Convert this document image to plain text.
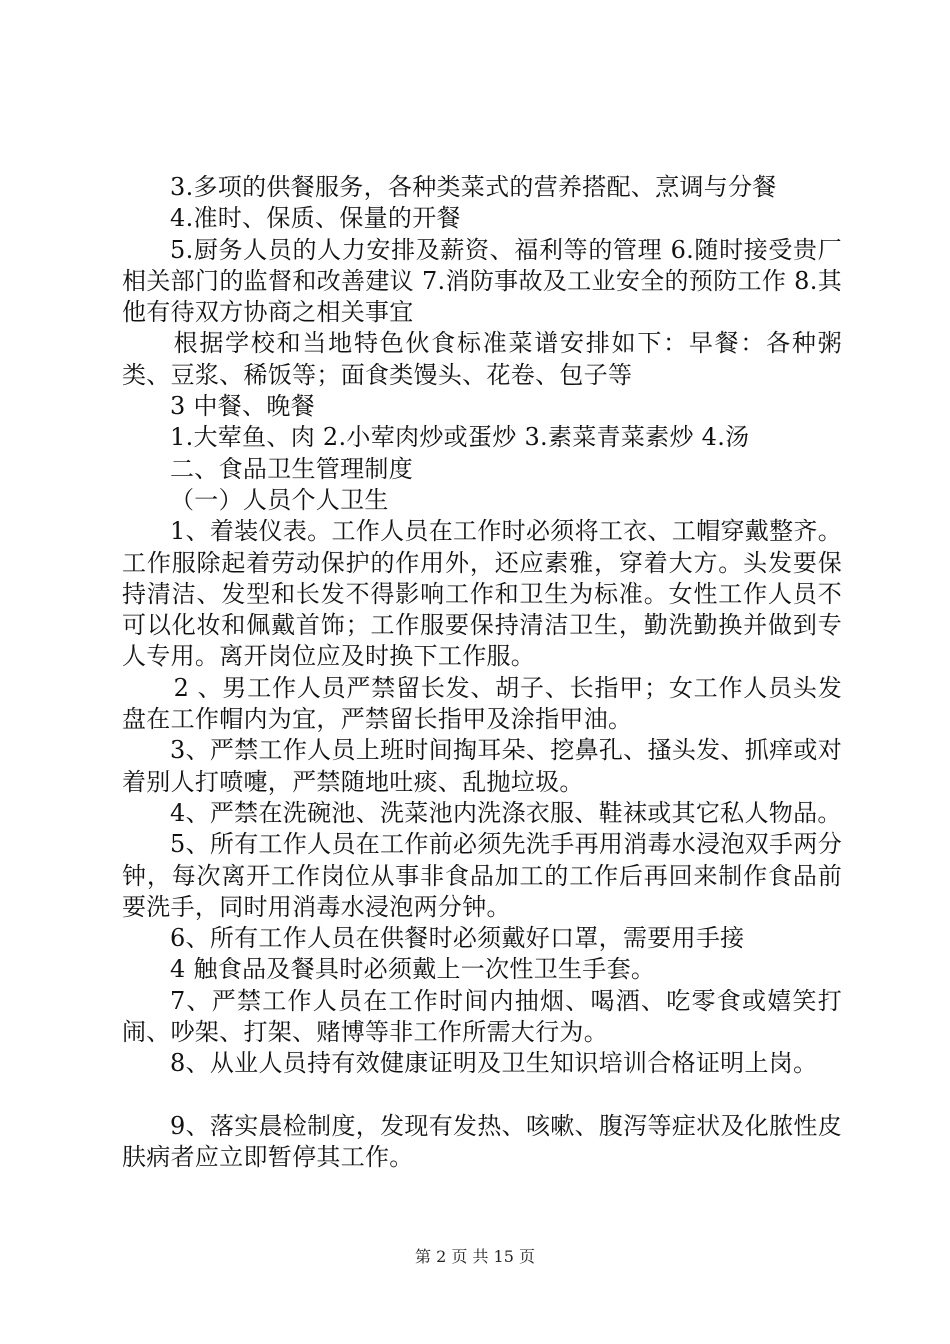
3.多项的供餐服务，各种类菜式的营养搭配、烹调与分餐

4.准时、保质、保量的开餐

5.厨务人员的人力安排及薪资、福利等的管理 6.随时接受贵厂相关部门的监督和改善建议 7.消防事故及工业安全的预防工作 8.其他有待双方协商之相关事宜

根据学校和当地特色伙食标准菜谱安排如下：早餐：各种粥类、豆浆、稀饭等；面食类馒头、花卷、包子等

3 中餐、晚餐

1.大荤鱼、肉 2.小荤肉炒或蛋炒 3.素菜青菜素炒 4.汤

二、食品卫生管理制度

（一）人员个人卫生

1、着装仪表。工作人员在工作时必须将工衣、工帽穿戴整齐。工作服除起着劳动保护的作用外，还应素雅，穿着大方。头发要保持清洁、发型和长发不得影响工作和卫生为标准。女性工作人员不可以化妆和佩戴首饰；工作服要保持清洁卫生，勤洗勤换并做到专人专用。离开岗位应及时换下工作服。

2 、男工作人员严禁留长发、胡子、长指甲；女工作人员头发盘在工作帽内为宜，严禁留长指甲及涂指甲油。

3、严禁工作人员上班时间掏耳朵、挖鼻孔、搔头发、抓痒或对着别人打喷嚏，严禁随地吐痰、乱抛垃圾。

4、严禁在洗碗池、洗菜池内洗涤衣服、鞋袜或其它私人物品。

5、所有工作人员在工作前必须先洗手再用消毒水浸泡双手两分钟，每次离开工作岗位从事非食品加工的工作后再回来制作食品前要洗手，同时用消毒水浸泡两分钟。

6、所有工作人员在供餐时必须戴好口罩，需要用手接

4 触食品及餐具时必须戴上一次性卫生手套。

7、严禁工作人员在工作时间内抽烟、喝酒、吃零食或嬉笑打闹、吵架、打架、赌博等非工作所需大行为。

8、从业人员持有效健康证明及卫生知识培训合格证明上岗。

9、落实晨检制度，发现有发热、咳嗽、腹泻等症状及化脓性皮肤病者应立即暂停其工作。

第 2 页 共 15 页
